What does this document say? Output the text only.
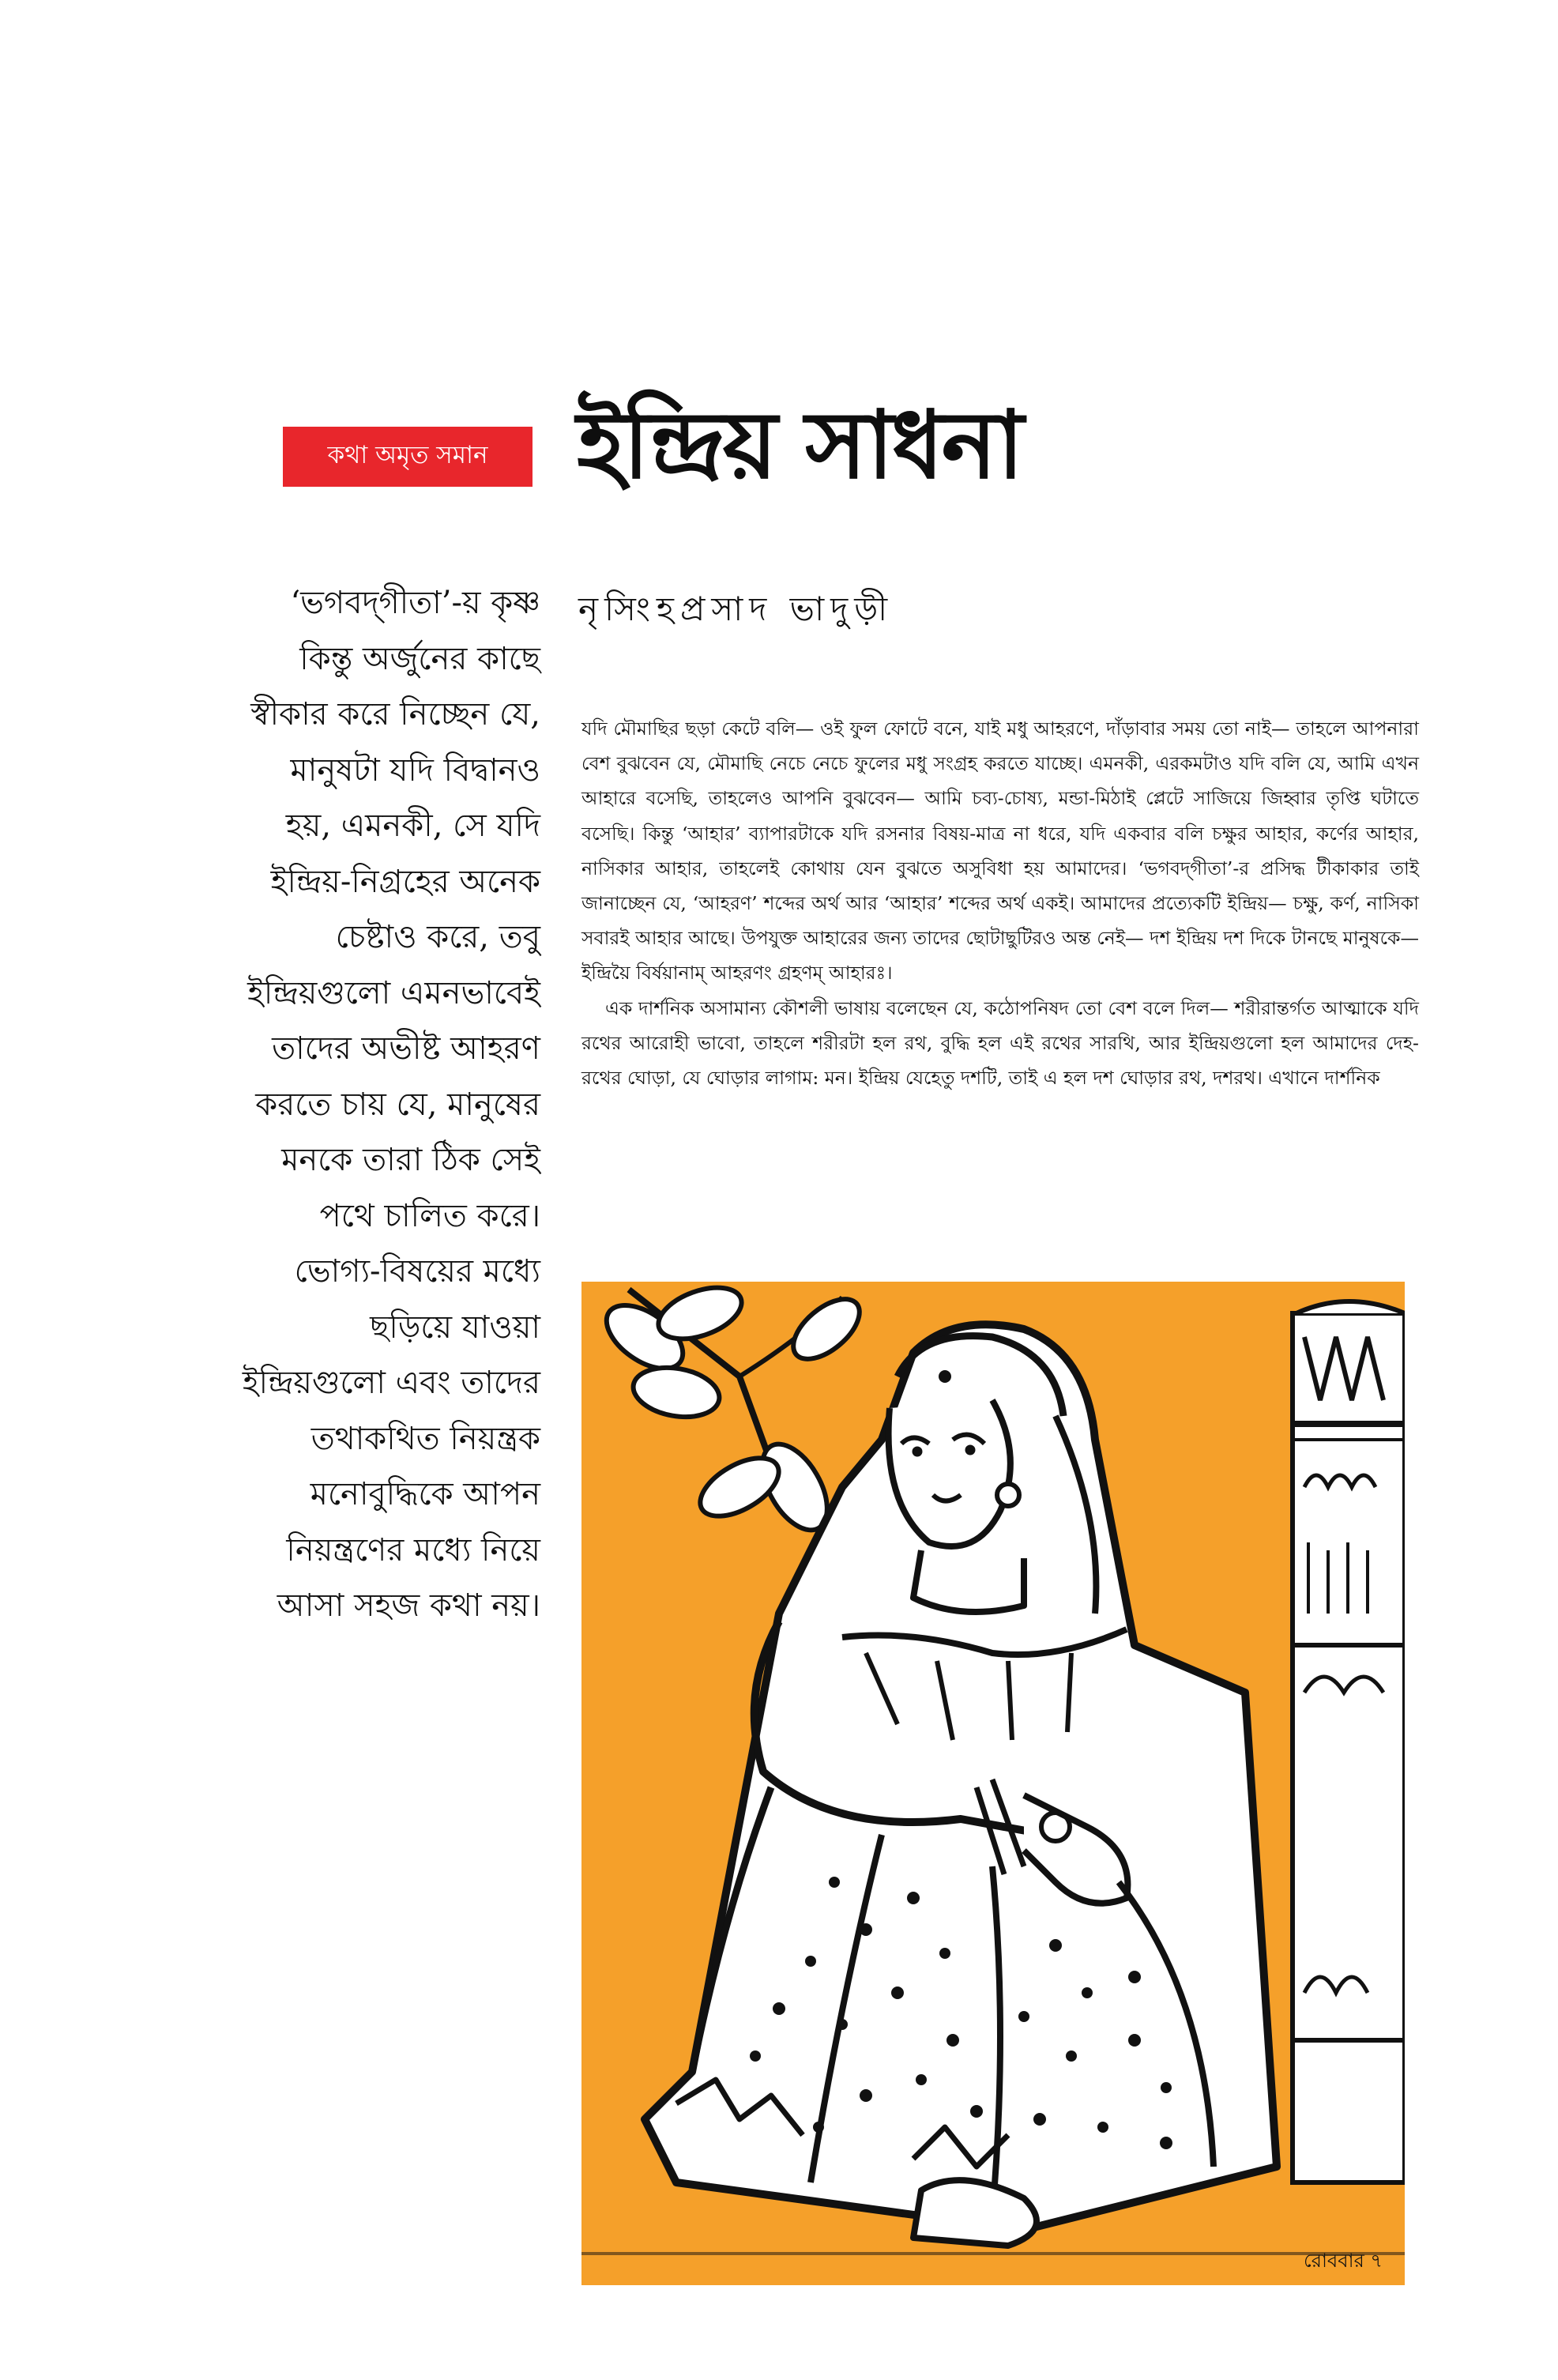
কথা অমৃত সমান ইন্দ্রিয় সাধনা
নৃসিংহপ্রসাদ ভাদুড়ী
‘ভগবদ্‌গীতা’-য় কৃষ্ণ
কিন্তু অর্জুনের কাছে
স্বীকার করে নিচ্ছেন যে,
মানুষটা যদি বিদ্বানও
হয়, এমনকী, সে যদি
ইন্দ্রিয়-নিগ্রহের অনেক
চেষ্টাও করে, তবু
ইন্দ্রিয়গুলো এমনভাবেই
তাদের অভীষ্ট আহরণ
করতে চায় যে, মানুষের
মনকে তারা ঠিক সেই
পথে চালিত করে।
ভোগ্য-বিষয়ের মধ্যে
ছড়িয়ে যাওয়া
ইন্দ্রিয়গুলো এবং তাদের
তথাকথিত নিয়ন্ত্রক
মনোবুদ্ধিকে আপন
নিয়ন্ত্রণের মধ্যে নিয়ে
আসা সহজ কথা নয়।

যদি মৌমাছির ছড়া কেটে বলি— ওই ফুল ফোটে বনে, যাই মধু আহরণে, দাঁড়াবার সময় তো নাই— তাহলে আপনারা বেশ বুঝবেন যে, মৌমাছি নেচে নেচে ফুলের মধু সংগ্রহ করতে যাচ্ছে। এমনকী, এরকমটাও যদি বলি যে, আমি এখন আহারে বসেছি, তাহলেও আপনি বুঝবেন— আমি চব্য-চোষ্য, মন্ডা-মিঠাই প্লেটে সাজিয়ে জিহ্বার তৃপ্তি ঘটাতে বসেছি। কিন্তু ‘আহার’ ব্যাপারটাকে যদি রসনার বিষয়-মাত্র না ধরে, যদি একবার বলি চক্ষুর আহার, কর্ণের আহার, নাসিকার আহার, তাহলেই কোথায় যেন বুঝতে অসুবিধা হয় আমাদের। ‘ভগবদ্‌গীতা’-র প্রসিদ্ধ টীকাকার তাই জানাচ্ছেন যে, ‘আহরণ’ শব্দের অর্থ আর ‘আহার’ শব্দের অর্থ একই। আমাদের প্রত্যেকটি ইন্দ্রিয়— চক্ষু, কর্ণ, নাসিকা সবারই আহার আছে। উপযুক্ত আহারের জন্য তাদের ছোটাছুটিরও অন্ত নেই— দশ ইন্দ্রিয় দশ দিকে টানছে মানুষকে— ইন্দ্রিয়ৈ বির্ষয়ানাম্‌ আহরণং গ্রহণম্‌ আহারঃ।

এক দার্শনিক অসামান্য কৌশলী ভাষায় বলেছেন যে, কঠোপনিষদ তো বেশ বলে দিল— শরীরান্তর্গত আত্মাকে যদি রথের আরোহী ভাবো, তাহলে শরীরটা হল রথ, বুদ্ধি হল এই রথের সারথি, আর ইন্দ্রিয়গুলো হল আমাদের দেহ-রথের ঘোড়া, যে ঘোড়ার লাগাম: মন। ইন্দ্রিয় যেহেতু দশটি, তাই এ হল দশ ঘোড়ার রথ, দশরথ। এখানে দার্শনিক

রোববার ৭
